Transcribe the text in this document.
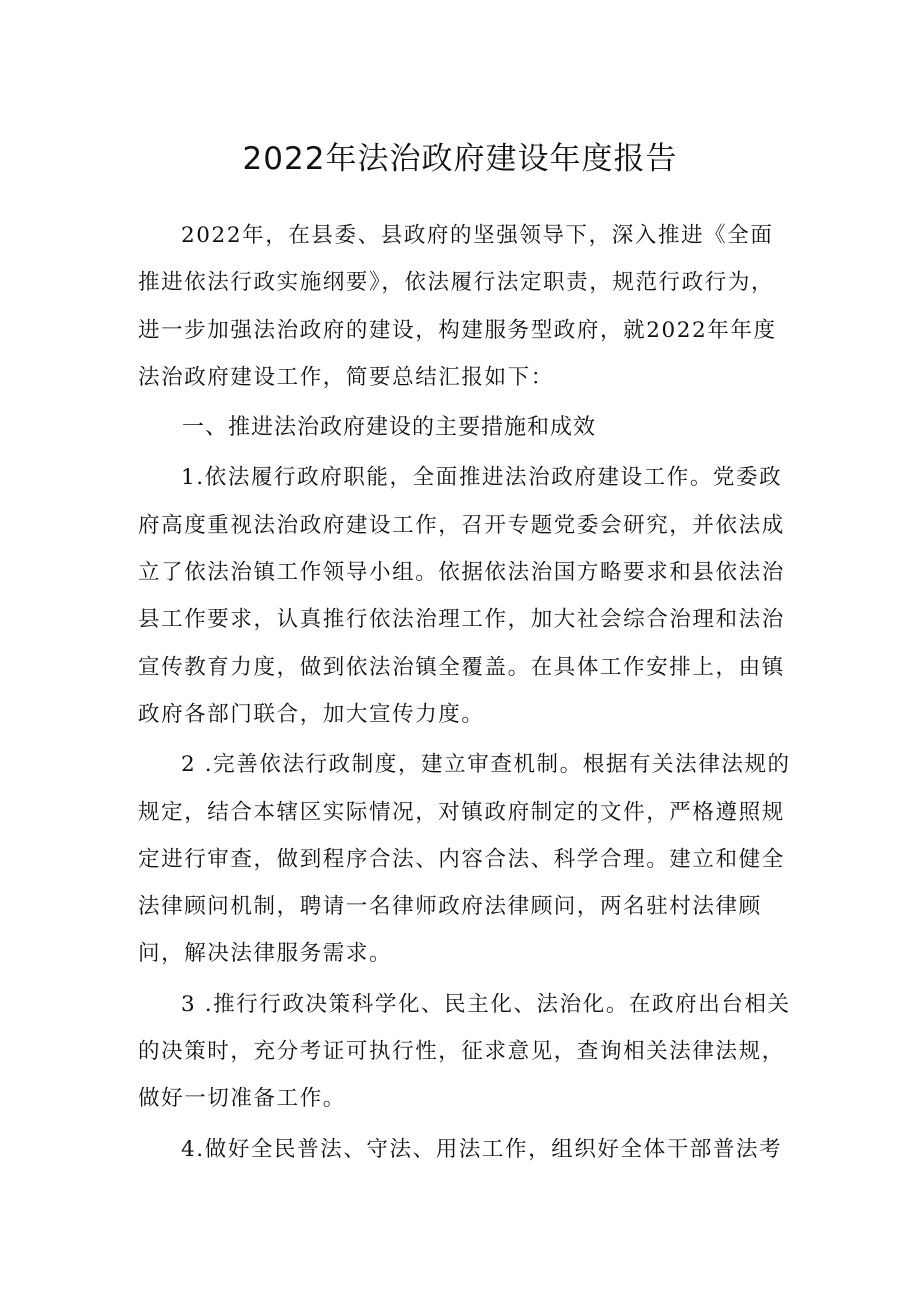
2022年法治政府建设年度报告

2022年，在县委、县政府的坚强领导下，深入推进《全面推进依法行政实施纲要》，依法履行法定职责，规范行政行为，进一步加强法治政府的建设，构建服务型政府，就2022年年度法治政府建设工作，简要总结汇报如下：

一、推进法治政府建设的主要措施和成效

1.依法履行政府职能，全面推进法治政府建设工作。党委政府高度重视法治政府建设工作，召开专题党委会研究，并依法成立了依法治镇工作领导小组。依据依法治国方略要求和县依法治县工作要求，认真推行依法治理工作，加大社会综合治理和法治宣传教育力度，做到依法治镇全覆盖。在具体工作安排上，由镇政府各部门联合，加大宣传力度。

2 .完善依法行政制度，建立审查机制。根据有关法律法规的规定，结合本辖区实际情况，对镇政府制定的文件，严格遵照规定进行审查，做到程序合法、内容合法、科学合理。建立和健全法律顾问机制，聘请一名律师政府法律顾问，两名驻村法律顾问，解决法律服务需求。

3 .推行行政决策科学化、民主化、法治化。在政府出台相关的决策时，充分考证可执行性，征求意见，查询相关法律法规，做好一切准备工作。

4.做好全民普法、守法、用法工作，组织好全体干部普法考
